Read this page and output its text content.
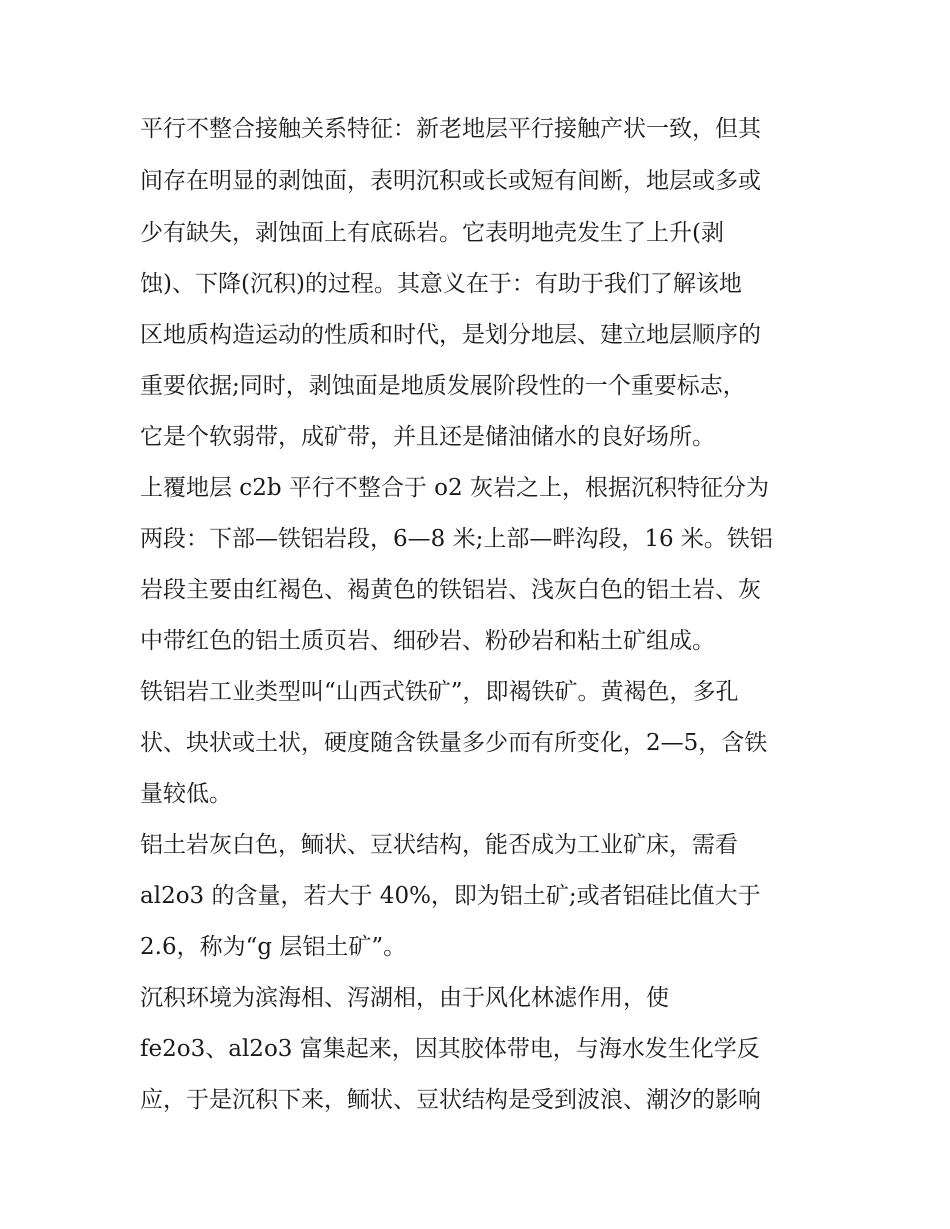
平行不整合接触关系特征：新老地层平行接触产状一致，但其
间存在明显的剥蚀面，表明沉积或长或短有间断，地层或多或
少有缺失，剥蚀面上有底砾岩。它表明地壳发生了上升(剥
蚀)、下降(沉积)的过程。其意义在于：有助于我们了解该地
区地质构造运动的性质和时代，是划分地层、建立地层顺序的
重要依据;同时，剥蚀面是地质发展阶段性的一个重要标志，
它是个软弱带，成矿带，并且还是储油储水的良好场所。
上覆地层 c2b 平行不整合于 o2 灰岩之上，根据沉积特征分为
两段：下部—铁铝岩段，6—8 米;上部—畔沟段，16 米。铁铝
岩段主要由红褐色、褐黄色的铁铝岩、浅灰白色的铝土岩、灰
中带红色的铝土质页岩、细砂岩、粉砂岩和粘土矿组成。
铁铝岩工业类型叫“山西式铁矿”，即褐铁矿。黄褐色，多孔
状、块状或土状，硬度随含铁量多少而有所变化，2—5，含铁
量较低。
铝土岩灰白色，鲕状、豆状结构，能否成为工业矿床，需看
al2o3 的含量，若大于 40%，即为铝土矿;或者铝硅比值大于
2.6，称为“g 层铝土矿”。
沉积环境为滨海相、泻湖相，由于风化林滤作用，使
fe2o3、al2o3 富集起来，因其胶体带电，与海水发生化学反
应，于是沉积下来，鲕状、豆状结构是受到波浪、潮汐的影响
